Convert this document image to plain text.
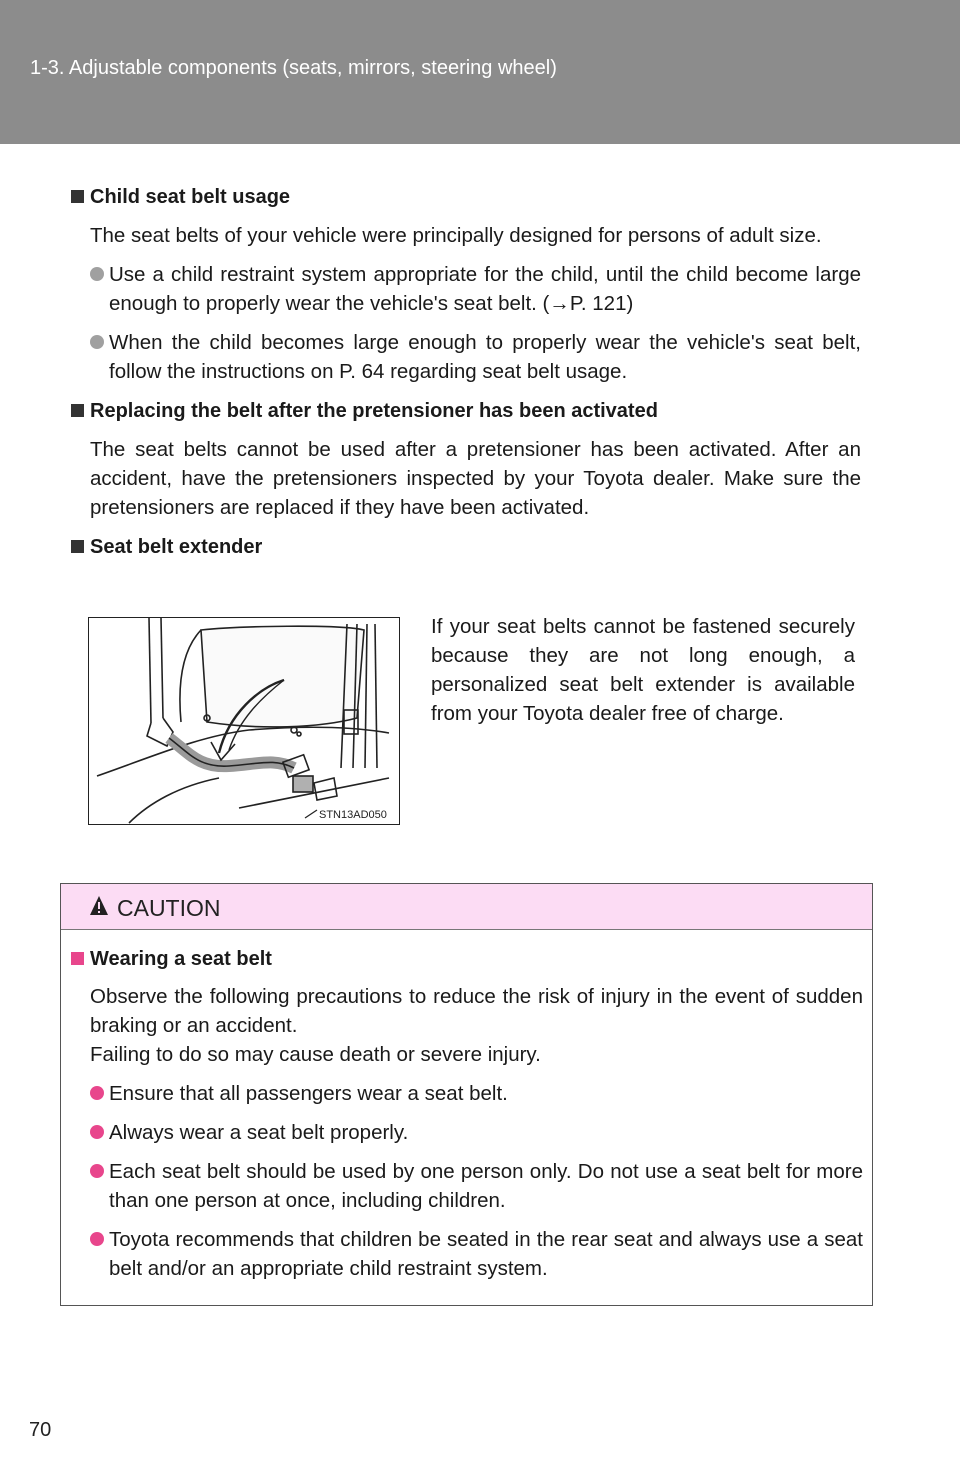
1-3. Adjustable components (seats, mirrors, steering wheel)
Child seat belt usage
The seat belts of your vehicle were principally designed for persons of adult size.
Use a child restraint system appropriate for the child, until the child become large enough to properly wear the vehicle's seat belt. (→P. 121)
When the child becomes large enough to properly wear the vehicle's seat belt, follow the instructions on P. 64 regarding seat belt usage.
Replacing the belt after the pretensioner has been activated
The seat belts cannot be used after a pretensioner has been activated. After an accident, have the pretensioners inspected by your Toyota dealer. Make sure the pretensioners are replaced if they have been activated.
Seat belt extender
STN13AD050
If your seat belts cannot be fastened securely because they are not long enough, a personalized seat belt extender is available from your Toyota dealer free of charge.
CAUTION
Wearing a seat belt
Observe the following precautions to reduce the risk of injury in the event of sudden braking or an accident.
Failing to do so may cause death or severe injury.
Ensure that all passengers wear a seat belt.
Always wear a seat belt properly.
Each seat belt should be used by one person only. Do not use a seat belt for more than one person at once, including children.
Toyota recommends that children be seated in the rear seat and always use a seat belt and/or an appropriate child restraint system.
70
